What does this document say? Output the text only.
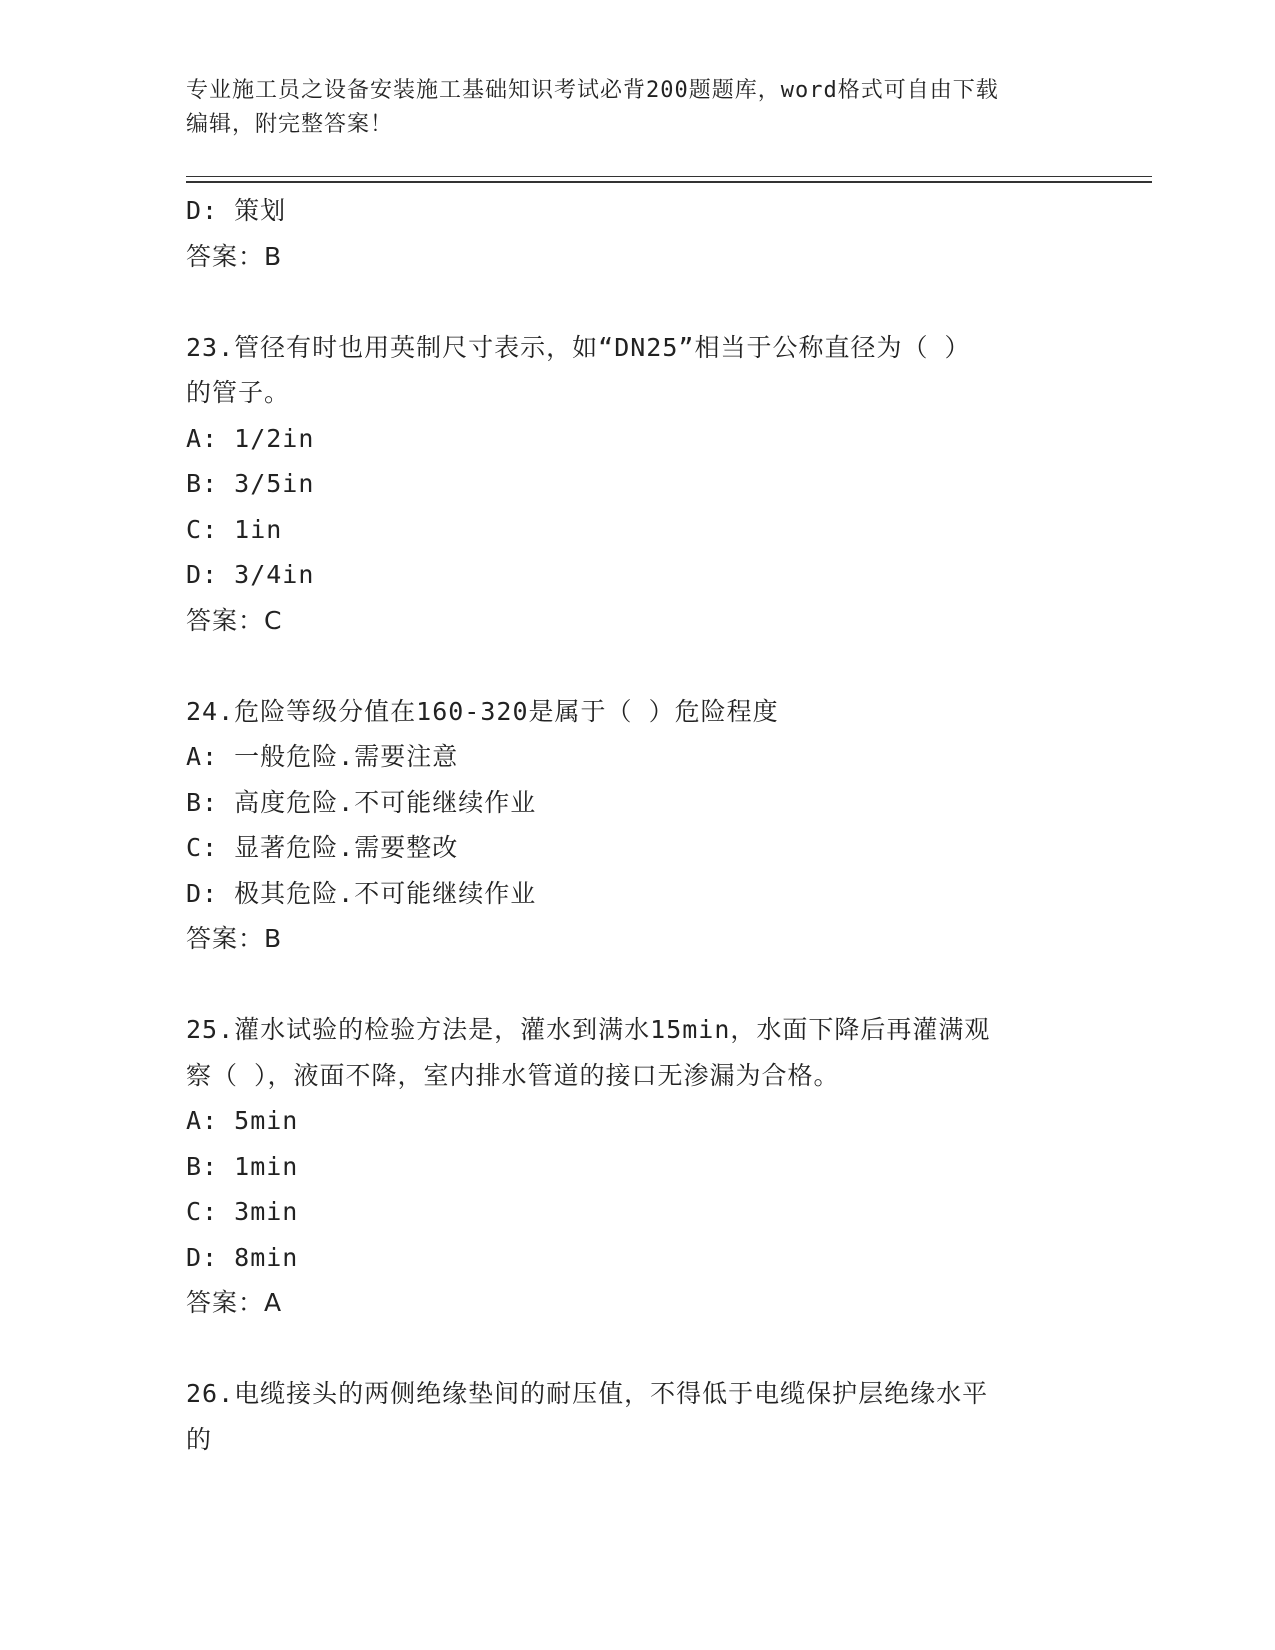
专业施工员之设备安装施工基础知识考试必背200题题库，word格式可自由下载
编辑，附完整答案！
D: 策划
答案：B
23.管径有时也用英制尺寸表示，如“DN25”相当于公称直径为（ ）
的管子。
A: 1/2in
B: 3/5in
C: 1in
D: 3/4in
答案：C
24.危险等级分值在160-320是属于（ ）危险程度
A: 一般危险.需要注意
B: 高度危险.不可能继续作业
C: 显著危险.需要整改
D: 极其危险.不可能继续作业
答案：B
25.灌水试验的检验方法是，灌水到满水15min，水面下降后再灌满观
察（ ），液面不降，室内排水管道的接口无渗漏为合格。
A: 5min
B: 1min
C: 3min
D: 8min
答案：A
26.电缆接头的两侧绝缘垫间的耐压值，不得低于电缆保护层绝缘水平
的
